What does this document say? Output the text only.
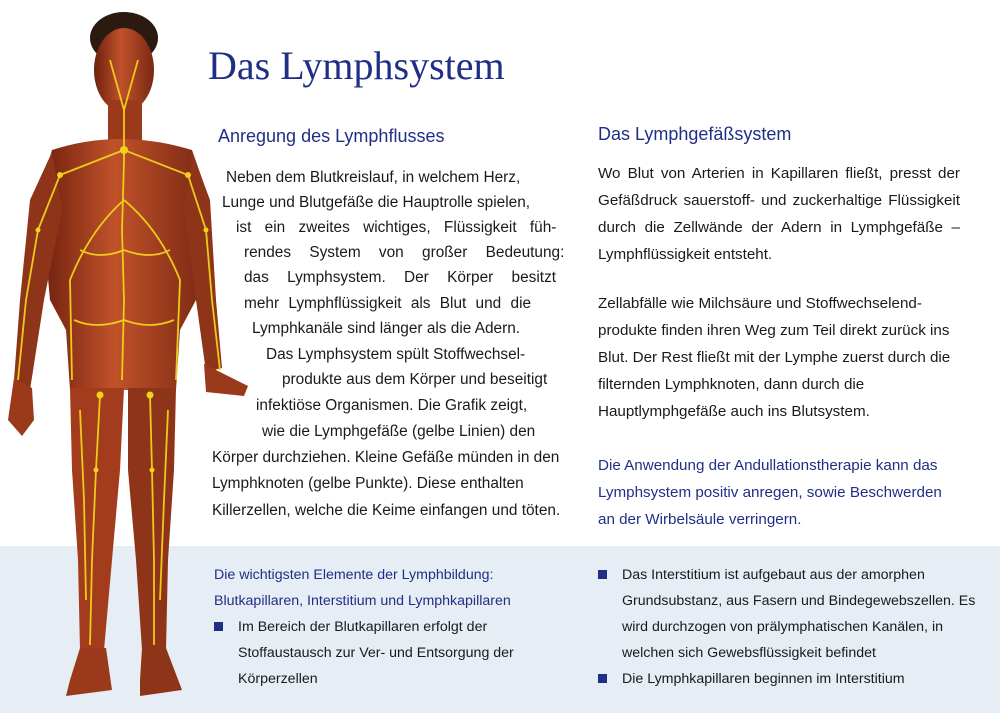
Das Lymphsystem
Anregung des Lymphflusses
Neben dem Blutkreislauf, in welchem Herz,
Lunge und Blutgefäße die Hauptrolle spielen,
ist ein zweites wichtiges, Flüssigkeit füh-
rendes System von großer Bedeutung:
das Lymphsystem. Der Körper besitzt
mehr Lymphflüssigkeit als Blut und die
Lymphkanäle sind länger als die Adern.
Das Lymphsystem spült Stoffwechsel-
produkte aus dem Körper und beseitigt
infektiöse Organismen. Die Grafik zeigt,
wie die Lymphgefäße (gelbe Linien) den
Körper durchziehen. Kleine Gefäße münden in den
Lymphknoten (gelbe Punkte). Diese enthalten
Killerzellen, welche die Keime einfangen und töten.
Das Lymphgefäßsystem

Wo Blut von Arterien in Kapillaren fließt, presst der Gefäßdruck sauerstoff- und zuckerhaltige Flüssigkeit durch die Zellwände der Adern in Lymphgefäße – Lymphflüssigkeit entsteht.

Zellabfälle wie Milchsäure und Stoffwechselend-produkte finden ihren Weg zum Teil direkt zurück ins Blut. Der Rest fließt mit der Lymphe zuerst durch die filternden Lymphknoten, dann durch die Hauptlymphgefäße auch ins Blutsystem.

Die Anwendung der Andullationstherapie kann das Lymphsystem positiv anregen, sowie Beschwerden an der Wirbelsäule verringern.

Die wichtigsten Elemente der Lymphbildung: Blutkapillaren, Interstitium und Lymphkapillaren
Im Bereich der Blutkapillaren erfolgt der Stoffaustausch zur Ver- und Entsorgung der Körperzellen
Das Interstitium ist aufgebaut aus der amorphen Grundsubstanz, aus Fasern und Bindegewebszellen. Es wird durchzogen von prälymphatischen Kanälen, in welchen sich Gewebsflüssigkeit befindet
Die Lymphkapillaren beginnen im Interstitium
